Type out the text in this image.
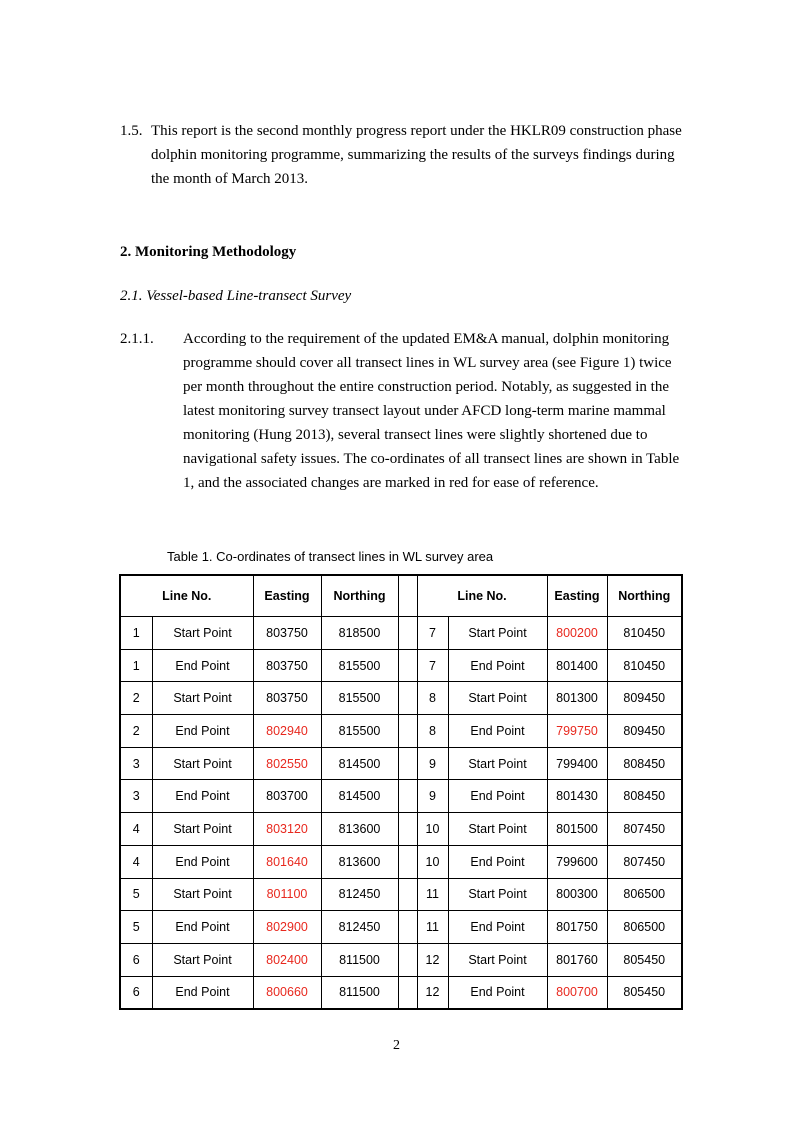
1.5. This report is the second monthly progress report under the HKLR09 construction phase dolphin monitoring programme, summarizing the results of the surveys findings during the month of March 2013.
2. Monitoring Methodology
2.1. Vessel-based Line-transect Survey
2.1.1. According to the requirement of the updated EM&A manual, dolphin monitoring programme should cover all transect lines in WL survey area (see Figure 1) twice per month throughout the entire construction period. Notably, as suggested in the latest monitoring survey transect layout under AFCD long-term marine mammal monitoring (Hung 2013), several transect lines were slightly shortened due to navigational safety issues. The co-ordinates of all transect lines are shown in Table 1, and the associated changes are marked in red for ease of reference.
Table 1. Co-ordinates of transect lines in WL survey area
Line No.		Easting	Northing		Line No.		Easting	Northing
1	Start Point	803750	818500		7	Start Point	800200	810450
1	End Point	803750	815500		7	End Point	801400	810450
2	Start Point	803750	815500		8	Start Point	801300	809450
2	End Point	802940	815500		8	End Point	799750	809450
3	Start Point	802550	814500		9	Start Point	799400	808450
3	End Point	803700	814500		9	End Point	801430	808450
4	Start Point	803120	813600		10	Start Point	801500	807450
4	End Point	801640	813600		10	End Point	799600	807450
5	Start Point	801100	812450		11	Start Point	800300	806500
5	End Point	802900	812450		11	End Point	801750	806500
6	Start Point	802400	811500		12	Start Point	801760	805450
6	End Point	800660	811500		12	End Point	800700	805450
2
